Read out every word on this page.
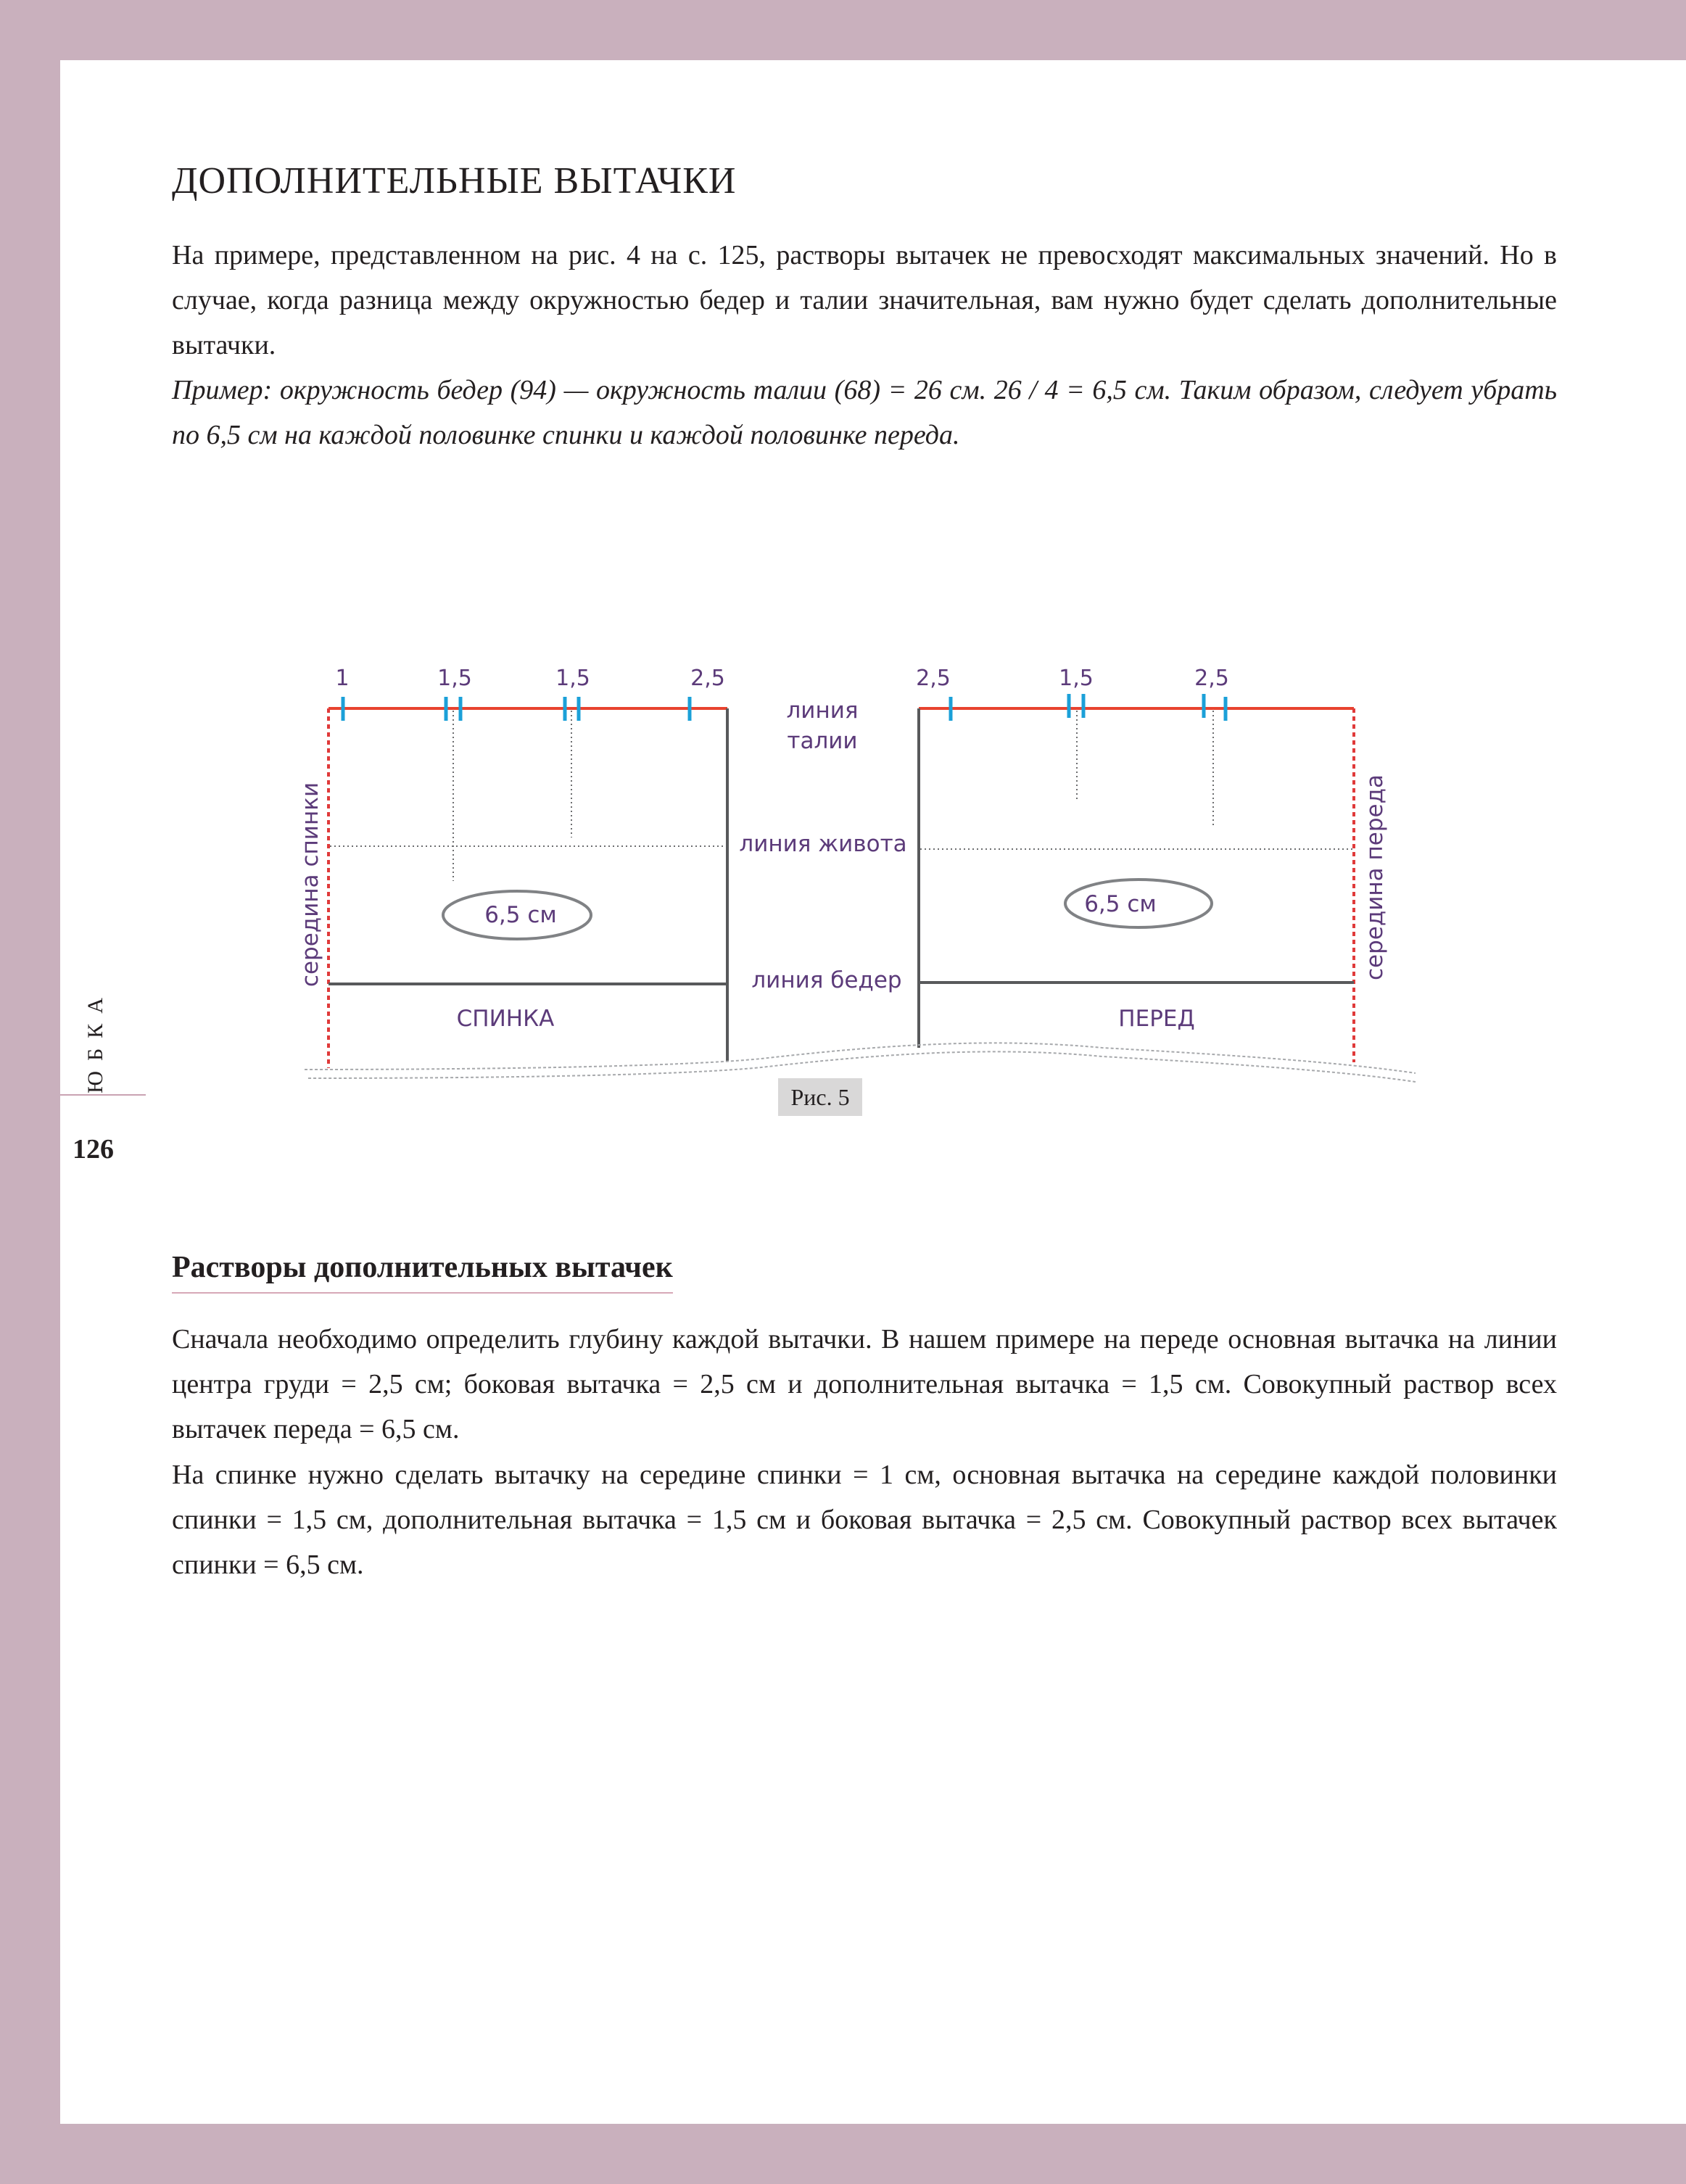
ДОПОЛНИТЕЛЬНЫЕ ВЫТАЧКИ

На примере, представленном на рис. 4 на с. 125, растворы вытачек не превосходят максимальных значений. Но в случае, когда разница между окружностью бедер и талии значительная, вам нужно будет сделать дополнительные вытачки.

Пример: окружность бедер (94) — окружность талии (68) = 26 см. 26 / 4 = 6,5 см. Таким образом, следует убрать по 6,5 см на каждой половинке спинки и каждой половинке переда.

ЮБКА
126
1	1,5	1,5	2,5	2,5	1,5	2,5
линия
талии
линия живота
линия бедер
СПИНКА	ПЕРЕД
6,5 см	6,5 см
середина спинки	середина переда
Рис. 5
Растворы дополнительных вытачек

Сначала необходимо определить глубину каждой вытачки. В нашем примере на переде основная вытачка на линии центра груди = 2,5 см; боковая вытачка = 2,5 см и дополнительная вытачка = 1,5 см. Совокупный раствор всех вытачек переда = 6,5 см.

На спинке нужно сделать вытачку на середине спинки = 1 см, основная вытачка на середине каждой половинки спинки = 1,5 см, дополнительная вытачка = 1,5 см и боковая вытачка = 2,5 см. Совокупный раствор всех вытачек спинки = 6,5 см.
